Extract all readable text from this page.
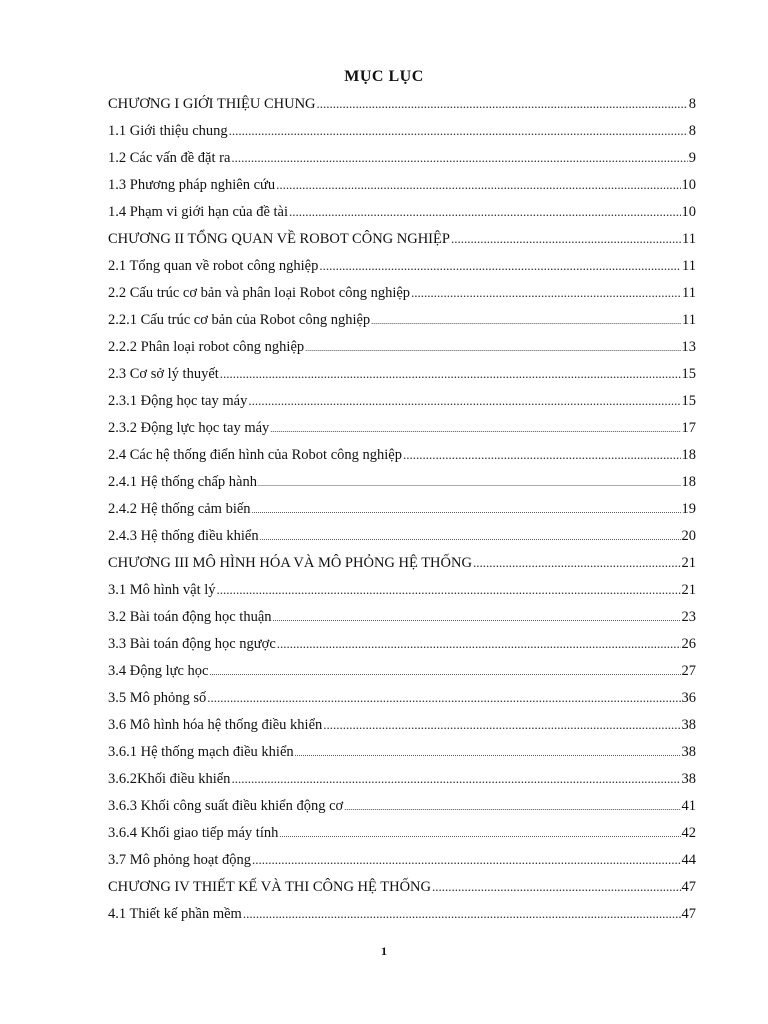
MỤC LỤC
CHƯƠNG I GIỚI THIỆU CHUNG .....	8
1.1 Giới thiệu chung .....	8
1.2 Các vấn đề đặt ra .....	9
1.3 Phương pháp nghiên cứu .....	10
1.4 Phạm vi giới hạn của đề tài .....	10
CHƯƠNG II TỔNG QUAN VỀ ROBOT CÔNG NGHIỆP .....	11
2.1 Tổng quan về robot công nghiệp .....	11
2.2 Cấu trúc cơ bản và phân loại Robot công nghiệp .....	11
2.2.1 Cấu trúc cơ bản của Robot công nghiệp .....	11
2.2.2 Phân loại robot công nghiệp .....	13
2.3 Cơ sở lý thuyết .....	15
2.3.1 Động học tay máy .....	15
2.3.2 Động lực học tay máy .....	17
2.4 Các hệ thống điển hình của Robot công nghiệp .....	18
2.4.1 Hệ thống chấp hành .....	18
2.4.2 Hệ thống cảm biến .....	19
2.4.3 Hệ thống điều khiển .....	20
CHƯƠNG III MÔ HÌNH HÓA VÀ MÔ PHỎNG HỆ THỐNG .....	21
3.1 Mô hình vật lý .....	21
3.2 Bài toán động học thuận .....	23
3.3 Bài toán động học ngược .....	26
3.4 Động lực học .....	27
3.5 Mô phỏng số .....	36
3.6 Mô hình hóa hệ thống điều khiển .....	38
3.6.1 Hệ thống mạch điều khiển .....	38
3.6.2Khối điều khiển .....	38
3.6.3 Khối công suất điều khiển động cơ .....	41
3.6.4 Khối giao tiếp máy tính .....	42
3.7 Mô phỏng hoạt động .....	44
CHƯƠNG IV THIẾT KẾ VÀ THI CÔNG HỆ THỐNG .....	47
4.1 Thiết kế phần mềm .....	47
1
